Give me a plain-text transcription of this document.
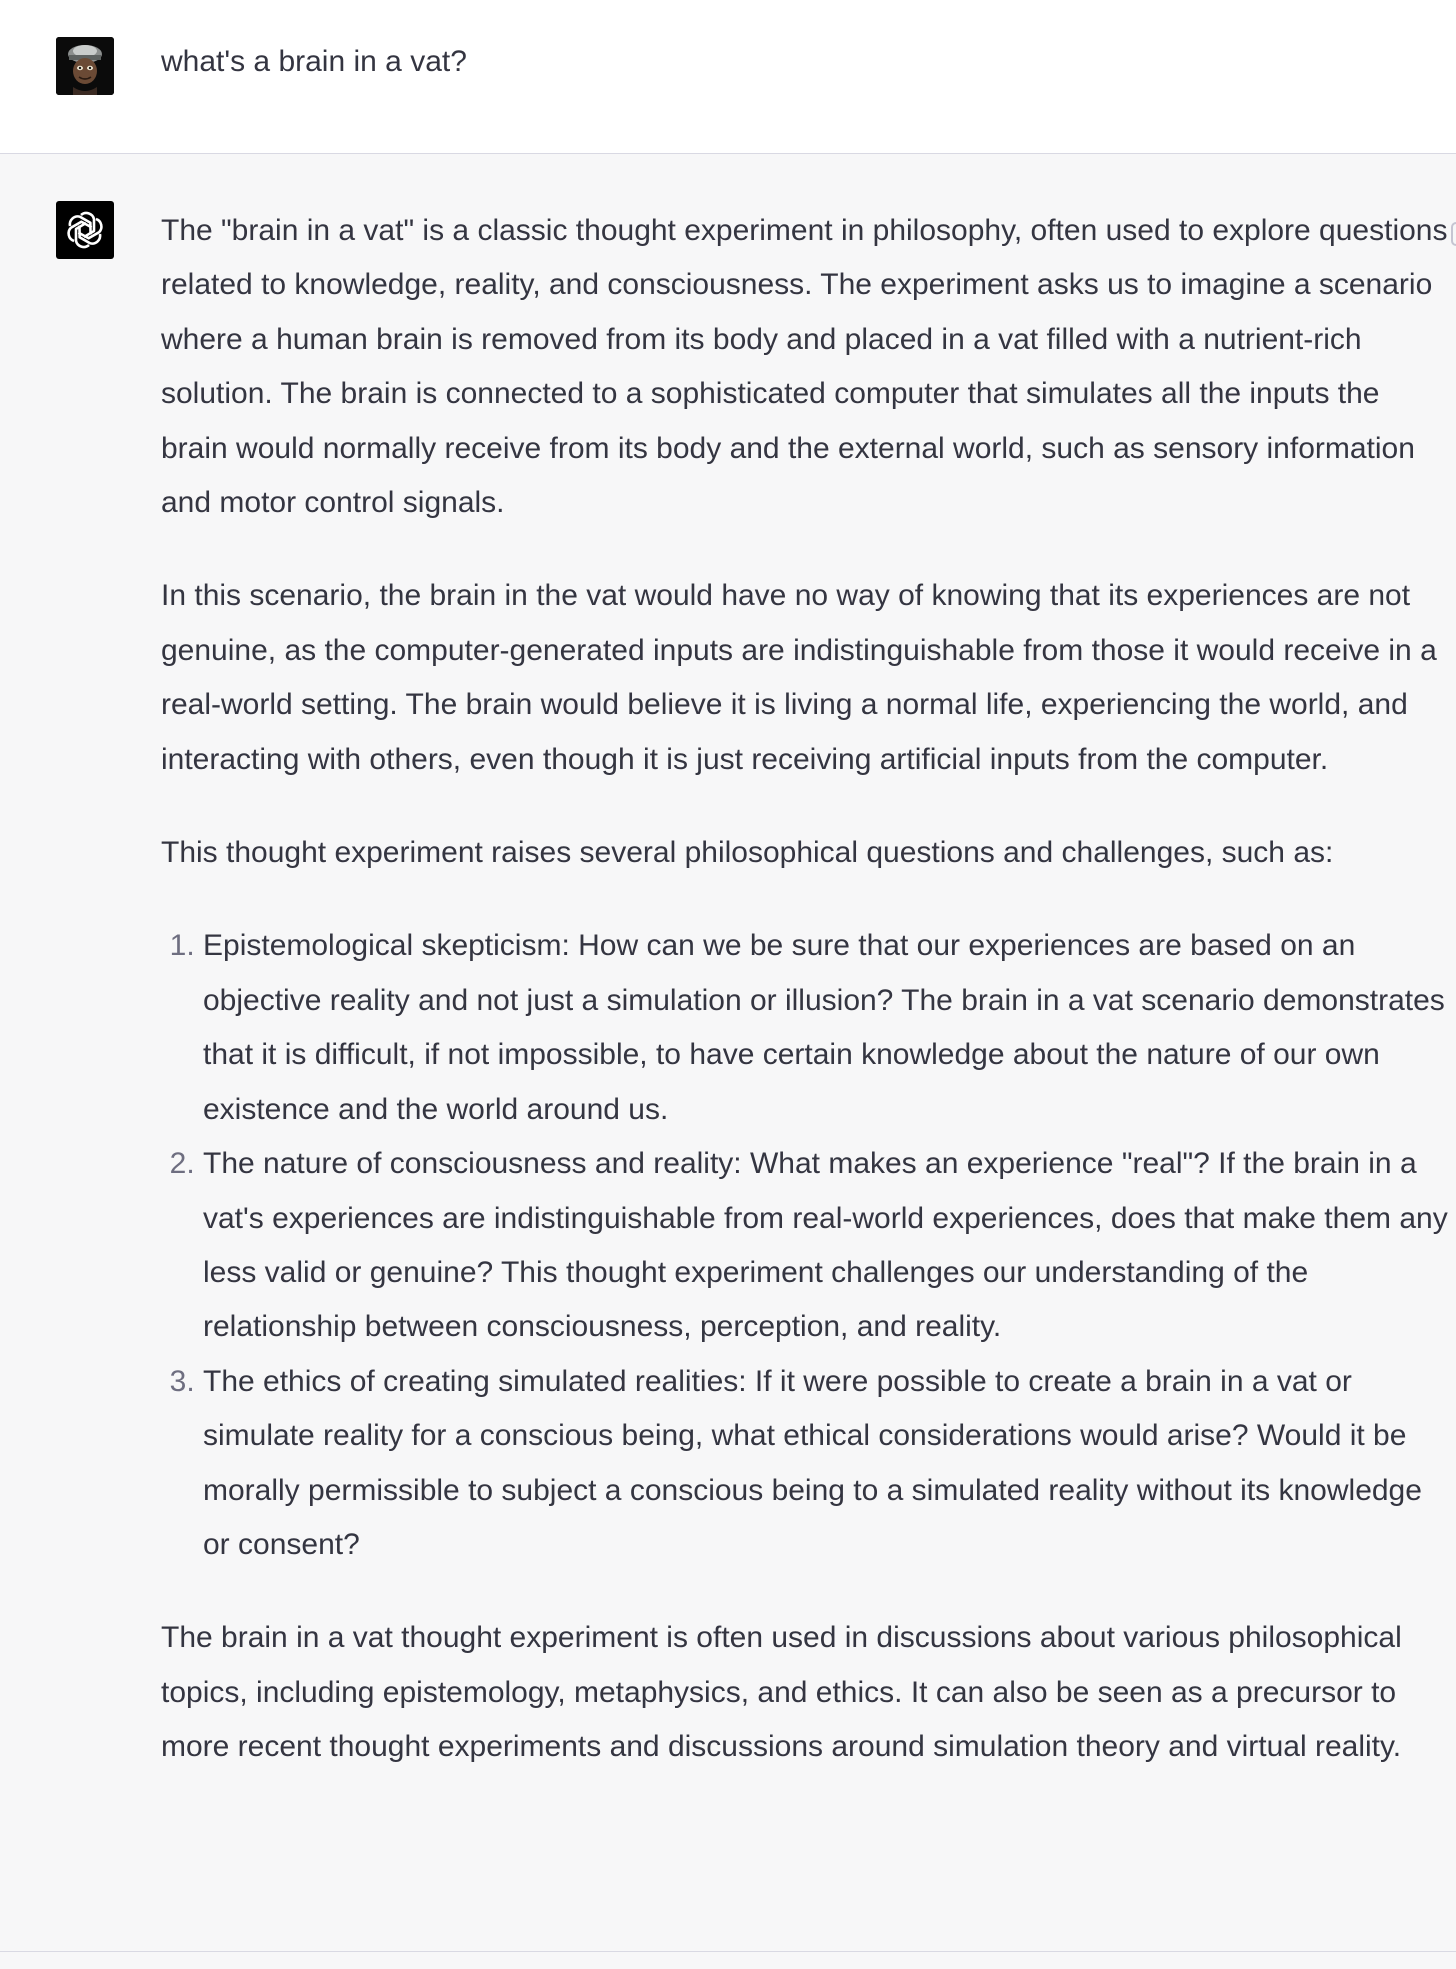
what's a brain in a vat?

The "brain in a vat" is a classic thought experiment in philosophy, often used to explore questions related to knowledge, reality, and consciousness. The experiment asks us to imagine a scenario where a human brain is removed from its body and placed in a vat filled with a nutrient-rich solution. The brain is connected to a sophisticated computer that simulates all the inputs the brain would normally receive from its body and the external world, such as sensory information and motor control signals.

In this scenario, the brain in the vat would have no way of knowing that its experiences are not genuine, as the computer-generated inputs are indistinguishable from those it would receive in a real-world setting. The brain would believe it is living a normal life, experiencing the world, and interacting with others, even though it is just receiving artificial inputs from the computer.

This thought experiment raises several philosophical questions and challenges, such as:

1. Epistemological skepticism: How can we be sure that our experiences are based on an objective reality and not just a simulation or illusion? The brain in a vat scenario demonstrates that it is difficult, if not impossible, to have certain knowledge about the nature of our own existence and the world around us.
2. The nature of consciousness and reality: What makes an experience "real"? If the brain in a vat's experiences are indistinguishable from real-world experiences, does that make them any less valid or genuine? This thought experiment challenges our understanding of the relationship between consciousness, perception, and reality.
3. The ethics of creating simulated realities: If it were possible to create a brain in a vat or simulate reality for a conscious being, what ethical considerations would arise? Would it be morally permissible to subject a conscious being to a simulated reality without its knowledge or consent?

The brain in a vat thought experiment is often used in discussions about various philosophical topics, including epistemology, metaphysics, and ethics. It can also be seen as a precursor to more recent thought experiments and discussions around simulation theory and virtual reality.
